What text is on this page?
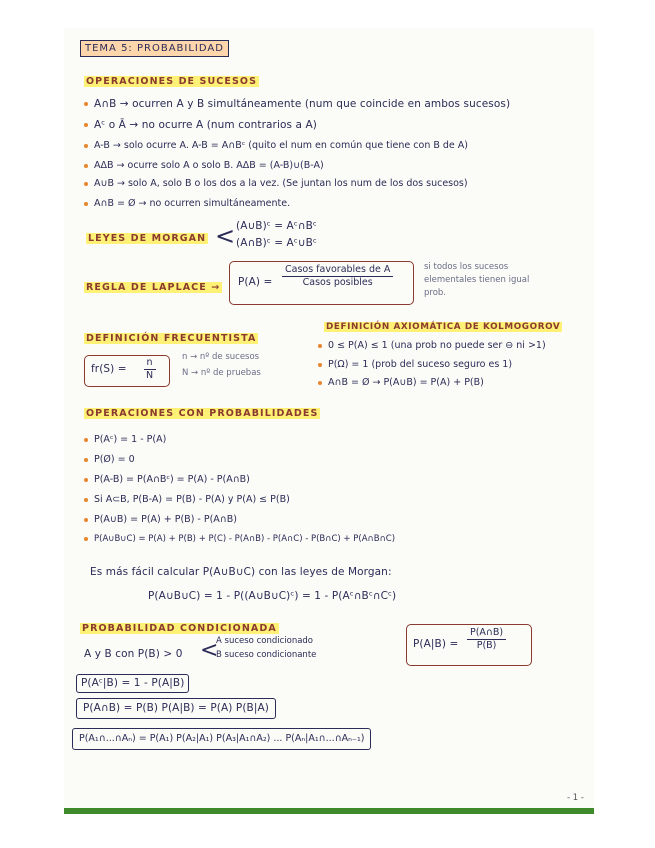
TEMA 5: PROBABILIDAD
OPERACIONES DE SUCESOS
A∩B → ocurren A y B simultáneamente (num que coincide en ambos sucesos)
Aᶜ o Ā → no ocurre A (num contrarios a A)
A-B → solo ocurre A. A-B = A∩Bᶜ (quito el num en común que tiene con B de A)
AΔB → ocurre solo A o solo B. AΔB = (A-B)∪(B-A)
A∪B → solo A, solo B o los dos a la vez. (Se juntan los num de los dos sucesos)
A∩B = Ø → no ocurren simultáneamente.
LEYES DE MORGAN < (A∪B)ᶜ = Aᶜ∩Bᶜ
(A∩B)ᶜ = Aᶜ∪Bᶜ
REGLA DE LAPLACE → $P(A) = \frac{\text{Casos favorables de A}}{\text{Casos posibles}}$	si todos los sucesos
elementales tienen igual
prob.
DEFINICIÓN FRECUENTISTA
$fr(S) = \frac{n}{N}$	n → nº de sucesos
N → nº de pruebas
DEFINICIÓN AXIOMÁTICA DE KOLMOGOROV
0 ≤ P(A) ≤ 1 (una prob no puede ser ⊖ ni >1)
P(Ω) = 1 (prob del suceso seguro es 1)
A∩B = Ø → P(A∪B) = P(A) + P(B)
OPERACIONES CON PROBABILIDADES
P(Aᶜ) = 1 - P(A)
P(Ø) = 0
P(A-B) = P(A∩Bᶜ) = P(A) - P(A∩B)
Si A⊂B, P(B-A) = P(B) - P(A) y P(A) ≤ P(B)
P(A∪B) = P(A) + P(B) - P(A∩B)
P(A∪B∪C) = P(A) + P(B) + P(C) - P(A∩B) - P(A∩C) - P(B∩C) + P(A∩B∩C)
Es más fácil calcular P(A∪B∪C) con las leyes de Morgan:
P(A∪B∪C) = 1 - P((A∪B∪C)ᶜ) = 1 - P(Aᶜ∩Bᶜ∩Cᶜ)
PROBABILIDAD CONDICIONADA
A y B con P(B) > 0 <
A suceso condicionado
B suceso condicionante
$P(A|B) = \frac{P(A\cap B)}{P(B)}$
P(Aᶜ|B) = 1 - P(A|B)
P(A∩B) = P(B) P(A|B) = P(A) P(B|A)
P(A₁∩...∩Aₙ) = P(A₁) P(A₂|A₁) P(A₃|A₁∩A₂) ... P(Aₙ|A₁∩...∩Aₙ₋₁)
- 1 -
